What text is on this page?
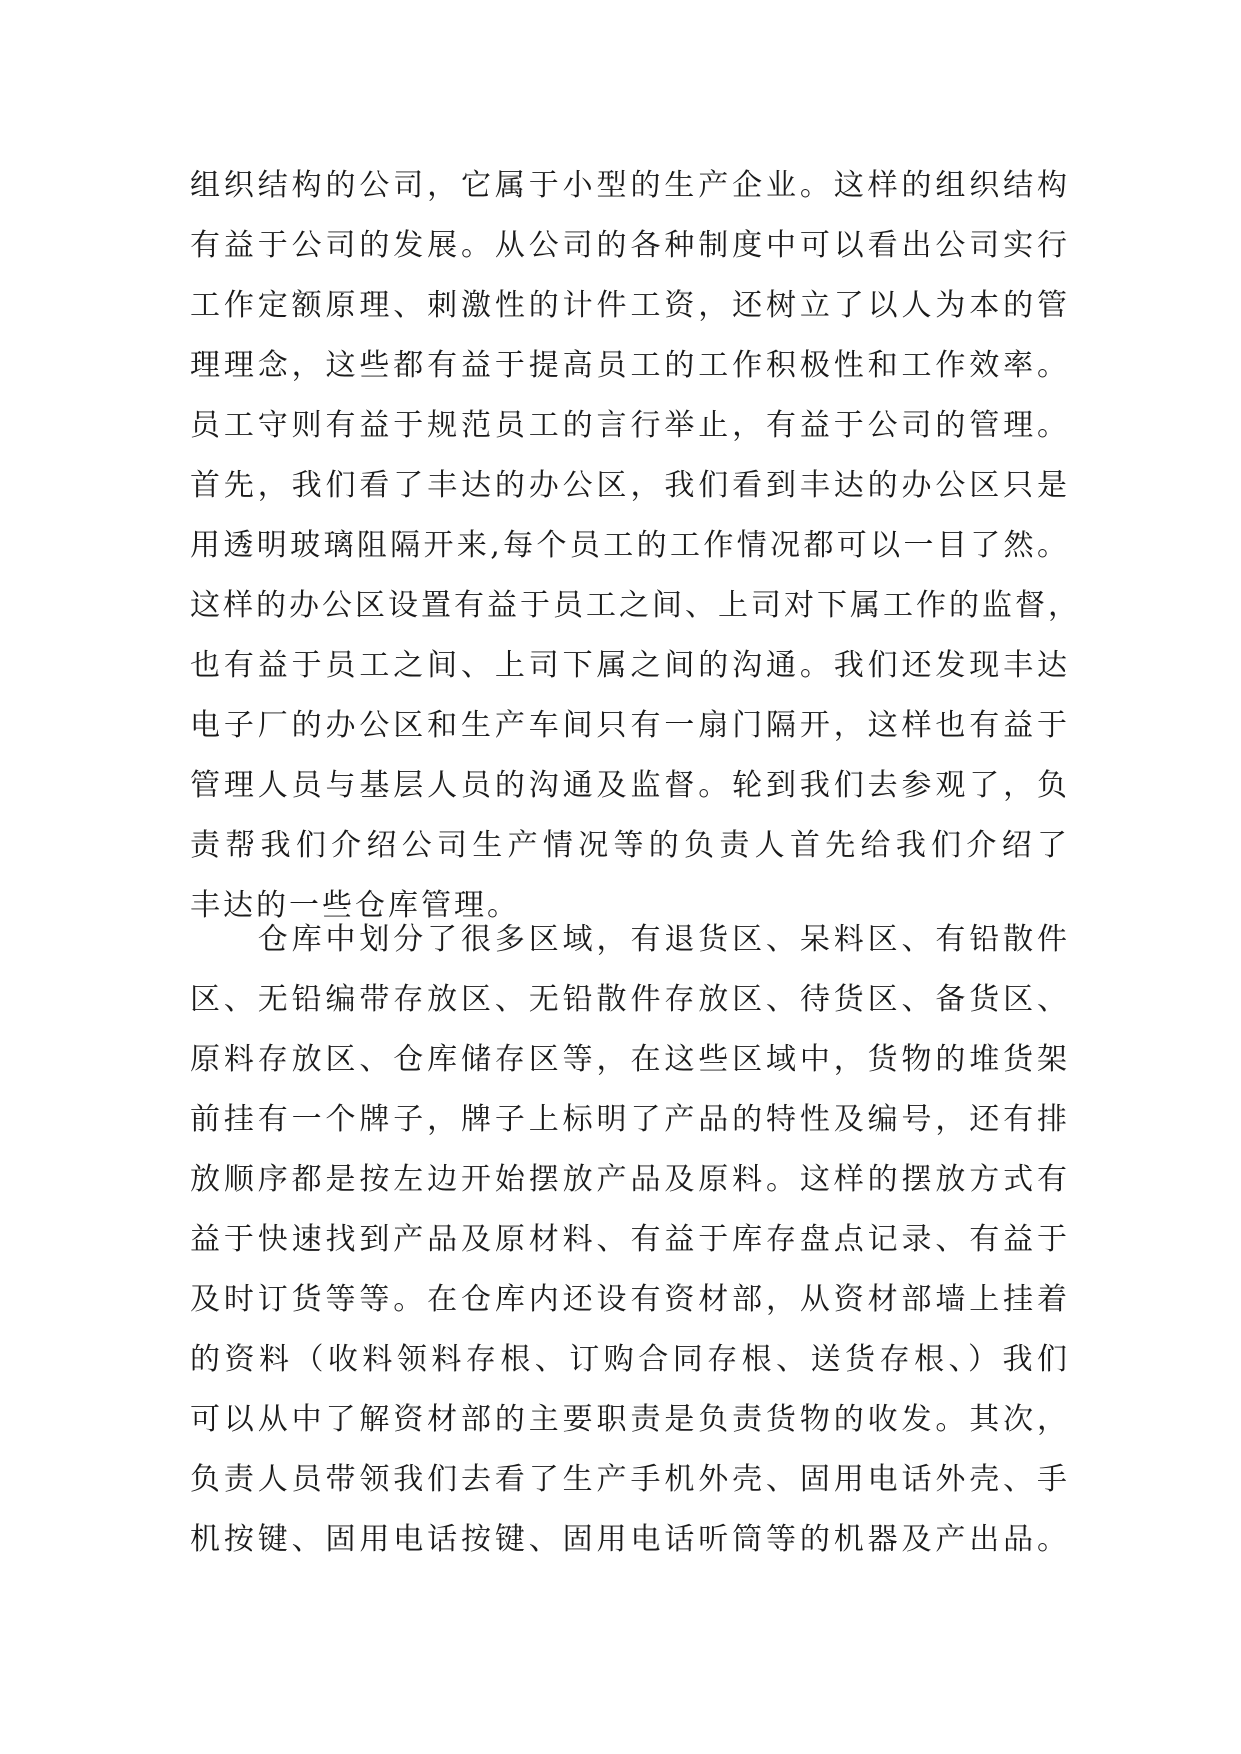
组织结构的公司，它属于小型的生产企业。这样的组织结构
有益于公司的发展。从公司的各种制度中可以看出公司实行
工作定额原理、刺激性的计件工资，还树立了以人为本的管
理理念，这些都有益于提高员工的工作积极性和工作效率。
员工守则有益于规范员工的言行举止，有益于公司的管理。
首先，我们看了丰达的办公区，我们看到丰达的办公区只是
用透明玻璃阻隔开来,每个员工的工作情况都可以一目了然。
这样的办公区设置有益于员工之间、上司对下属工作的监督，
也有益于员工之间、上司下属之间的沟通。我们还发现丰达
电子厂的办公区和生产车间只有一扇门隔开，这样也有益于
管理人员与基层人员的沟通及监督。轮到我们去参观了，负
责帮我们介绍公司生产情况等的负责人首先给我们介绍了
丰达的一些仓库管理。
　　仓库中划分了很多区域，有退货区、呆料区、有铅散件
区、无铅编带存放区、无铅散件存放区、待货区、备货区、
原料存放区、仓库储存区等，在这些区域中，货物的堆货架
前挂有一个牌子，牌子上标明了产品的特性及编号，还有排
放顺序都是按左边开始摆放产品及原料。这样的摆放方式有
益于快速找到产品及原材料、有益于库存盘点记录、有益于
及时订货等等。在仓库内还设有资材部，从资材部墙上挂着
的资料（收料领料存根、订购合同存根、送货存根、）我们
可以从中了解资材部的主要职责是负责货物的收发。其次，
负责人员带领我们去看了生产手机外壳、固用电话外壳、手
机按键、固用电话按键、固用电话听筒等的机器及产出品。
